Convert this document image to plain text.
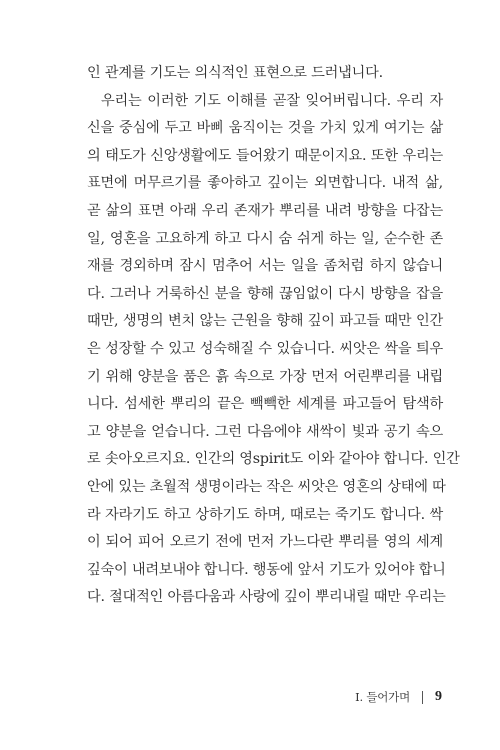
인 관계를 기도는 의식적인 표현으로 드러냅니다.
우리는 이러한 기도 이해를 곧잘 잊어버립니다. 우리 자
신을 중심에 두고 바삐 움직이는 것을 가치 있게 여기는 삶
의 태도가 신앙생활에도 들어왔기 때문이지요. 또한 우리는
표면에 머무르기를 좋아하고 깊이는 외면합니다. 내적 삶,
곧 삶의 표면 아래 우리 존재가 뿌리를 내려 방향을 다잡는
일, 영혼을 고요하게 하고 다시 숨 쉬게 하는 일, 순수한 존
재를 경외하며 잠시 멈추어 서는 일을 좀처럼 하지 않습니
다. 그러나 거룩하신 분을 향해 끊임없이 다시 방향을 잡을
때만, 생명의 변치 않는 근원을 향해 깊이 파고들 때만 인간
은 성장할 수 있고 성숙해질 수 있습니다. 씨앗은 싹을 틔우
기 위해 양분을 품은 흙 속으로 가장 먼저 어린뿌리를 내립
니다. 섬세한 뿌리의 끝은 빽빽한 세계를 파고들어 탐색하
고 양분을 얻습니다. 그런 다음에야 새싹이 빛과 공기 속으
로 솟아오르지요. 인간의 영spirit도 이와 같아야 합니다. 인간
안에 있는 초월적 생명이라는 작은 씨앗은 영혼의 상태에 따
라 자라기도 하고 상하기도 하며, 때로는 죽기도 합니다. 싹
이 되어 피어 오르기 전에 먼저 가느다란 뿌리를 영의 세계
깊숙이 내려보내야 합니다. 행동에 앞서 기도가 있어야 합니
다. 절대적인 아름다움과 사랑에 깊이 뿌리내릴 때만 우리는
I. 들어가며 9
